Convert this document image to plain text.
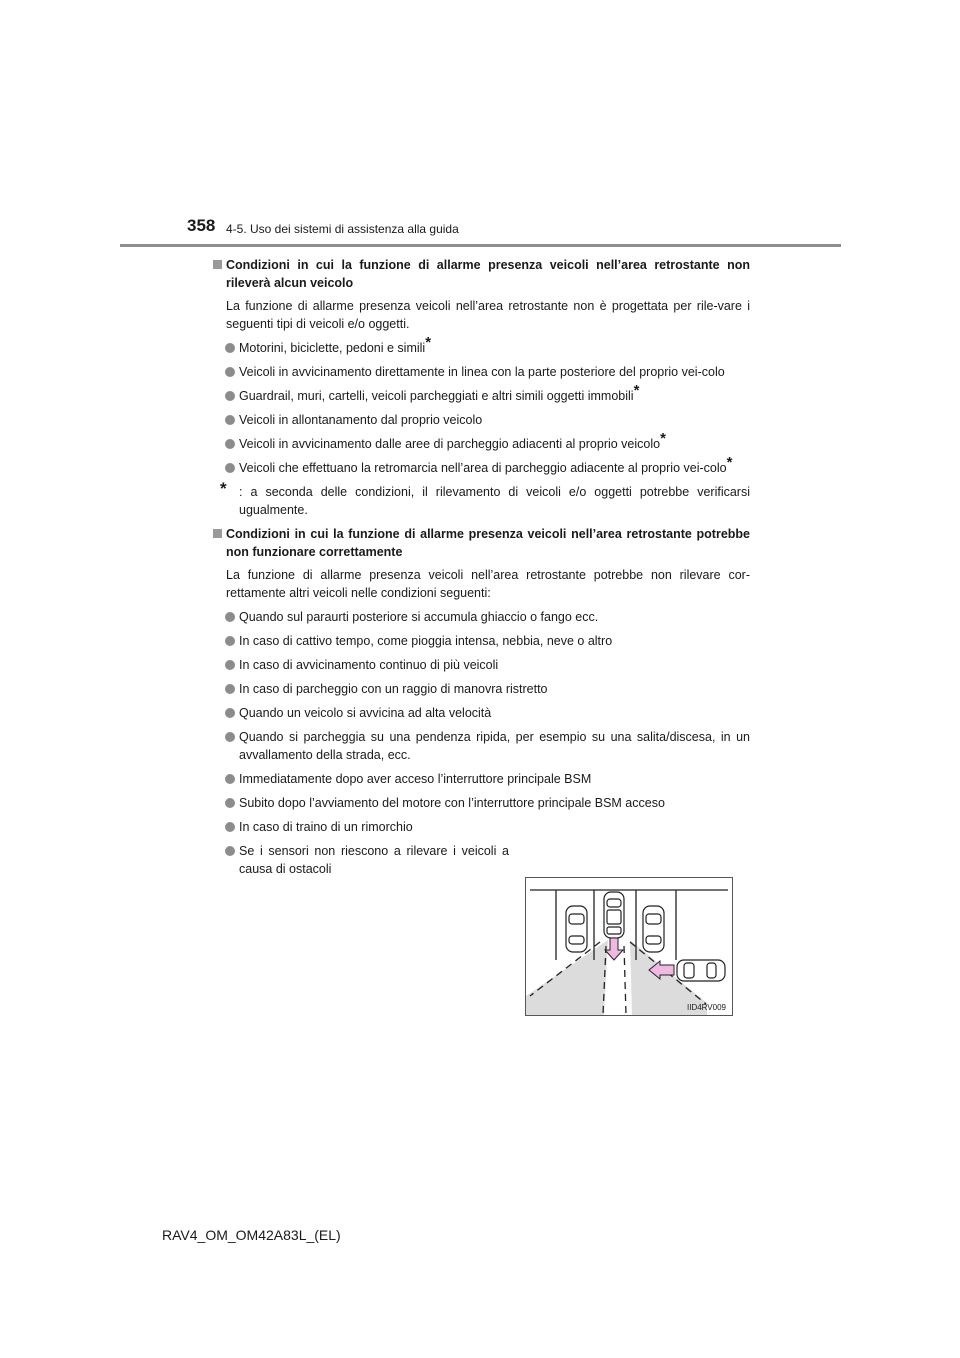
358 4-5. Uso dei sistemi di assistenza alla guida
Condizioni in cui la funzione di allarme presenza veicoli nell’area retrostante non rileverà alcun veicolo
La funzione di allarme presenza veicoli nell’area retrostante non è progettata per rile-vare i seguenti tipi di veicoli e/o oggetti.
Motorini, biciclette, pedoni e simili*
Veicoli in avvicinamento direttamente in linea con la parte posteriore del proprio vei-colo
Guardrail, muri, cartelli, veicoli parcheggiati e altri simili oggetti immobili*
Veicoli in allontanamento dal proprio veicolo
Veicoli in avvicinamento dalle aree di parcheggio adiacenti al proprio veicolo*
Veicoli che effettuano la retromarcia nell’area di parcheggio adiacente al proprio vei-colo*
* : a seconda delle condizioni, il rilevamento di veicoli e/o oggetti potrebbe verificarsi ugualmente.
Condizioni in cui la funzione di allarme presenza veicoli nell’area retrostante potrebbe non funzionare correttamente
La funzione di allarme presenza veicoli nell’area retrostante potrebbe non rilevare cor-rettamente altri veicoli nelle condizioni seguenti:
Quando sul paraurti posteriore si accumula ghiaccio o fango ecc.
In caso di cattivo tempo, come pioggia intensa, nebbia, neve o altro
In caso di avvicinamento continuo di più veicoli
In caso di parcheggio con un raggio di manovra ristretto
Quando un veicolo si avvicina ad alta velocità
Quando si parcheggia su una pendenza ripida, per esempio su una salita/discesa, in un avvallamento della strada, ecc.
Immediatamente dopo aver acceso l’interruttore principale BSM
Subito dopo l’avviamento del motore con l’interruttore principale BSM acceso
In caso di traino di un rimorchio
Se i sensori non riescono a rilevare i veicoli a causa di ostacoli
IID4RV009
RAV4_OM_OM42A83L_(EL)
